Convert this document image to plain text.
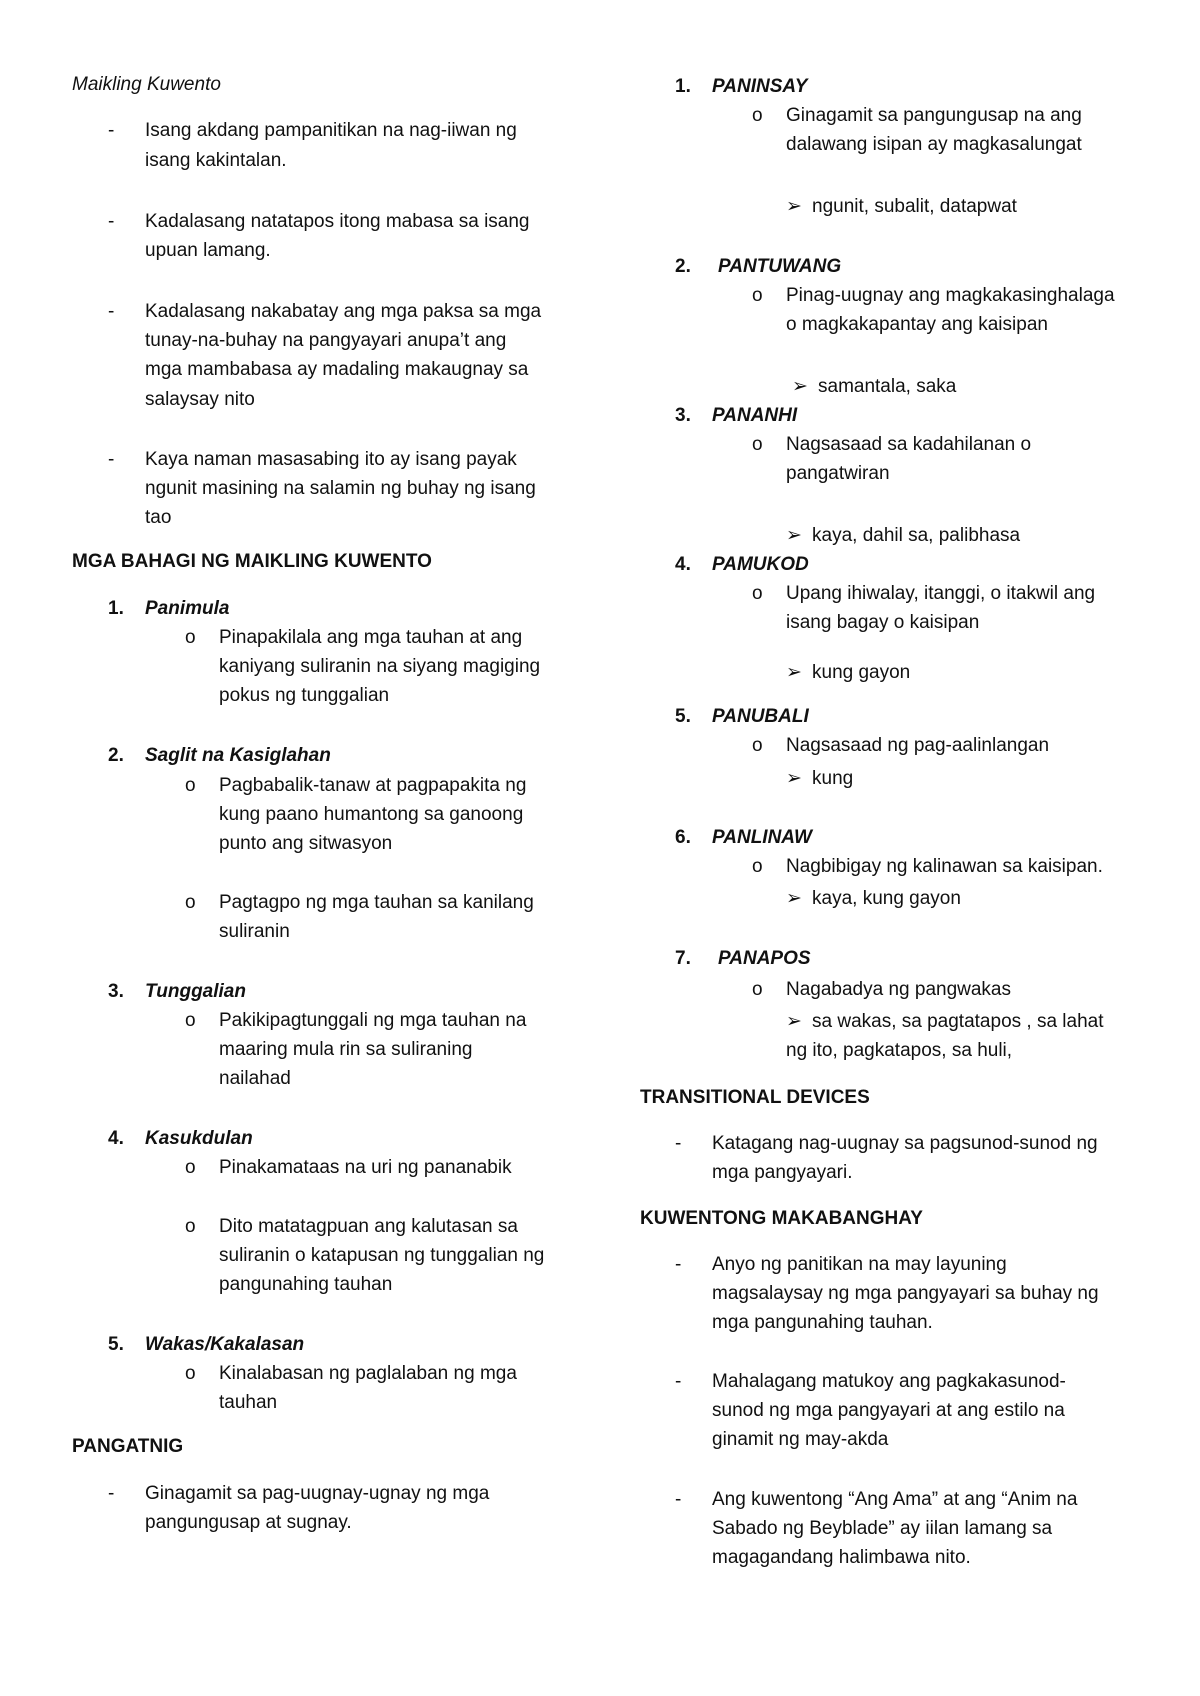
Maikling Kuwento
- Isang akdang pampanitikan na nag-iiwan ng
isang kakintalan.
- Kadalasang natatapos itong mabasa sa isang
upuan lamang.
- Kadalasang nakabatay ang mga paksa sa mga
tunay-na-buhay na pangyayari anupa’t ang
mga mambabasa ay madaling makaugnay sa
salaysay nito
- Kaya naman masasabing ito ay isang payak
ngunit masining na salamin ng buhay ng isang
tao
MGA BAHAGI NG MAIKLING KUWENTO
1. Panimula
o Pinapakilala ang mga tauhan at ang
kaniyang suliranin na siyang magiging
pokus ng tunggalian
2. Saglit na Kasiglahan
o Pagbabalik-tanaw at pagpapakita ng
kung paano humantong sa ganoong
punto ang sitwasyon
o Pagtagpo ng mga tauhan sa kanilang
suliranin
3. Tunggalian
o Pakikipagtunggali ng mga tauhan na
maaring mula rin sa suliraning
nailahad
4. Kasukdulan
o Pinakamataas na uri ng pananabik
o Dito matatagpuan ang kalutasan sa
suliranin o katapusan ng tunggalian ng
pangunahing tauhan
5. Wakas/Kakalasan
o Kinalabasan ng paglalaban ng mga
tauhan
PANGATNIG
- Ginagamit sa pag-uugnay-ugnay ng mga
pangungusap at sugnay.
1. PANINSAY
o Ginagamit sa pangungusap na ang
dalawang isipan ay magkasalungat
➢ ngunit, subalit, datapwat
2. PANTUWANG
o Pinag-uugnay ang magkakasinghalaga
o magkakapantay ang kaisipan
➢ samantala, saka
3. PANANHI
o Nagsasaad sa kadahilanan o
pangatwiran
➢ kaya, dahil sa, palibhasa
4. PAMUKOD
o Upang ihiwalay, itanggi, o itakwil ang
isang bagay o kaisipan
➢ kung gayon
5. PANUBALI
o Nagsasaad ng pag-aalinlangan
➢ kung
6. PANLINAW
o Nagbibigay ng kalinawan sa kaisipan.
➢ kaya, kung gayon
7. PANAPOS
o Nagabadya ng pangwakas
➢ sa wakas, sa pagtatapos , sa lahat
ng ito, pagkatapos, sa huli,
TRANSITIONAL DEVICES
- Katagang nag-uugnay sa pagsunod-sunod ng
mga pangyayari.
KUWENTONG MAKABANGHAY
- Anyo ng panitikan na may layuning
magsalaysay ng mga pangyayari sa buhay ng
mga pangunahing tauhan.
- Mahalagang matukoy ang pagkakasunod-
sunod ng mga pangyayari at ang estilo na
ginamit ng may-akda
- Ang kuwentong “Ang Ama” at ang “Anim na
Sabado ng Beyblade” ay iilan lamang sa
magagandang halimbawa nito.
